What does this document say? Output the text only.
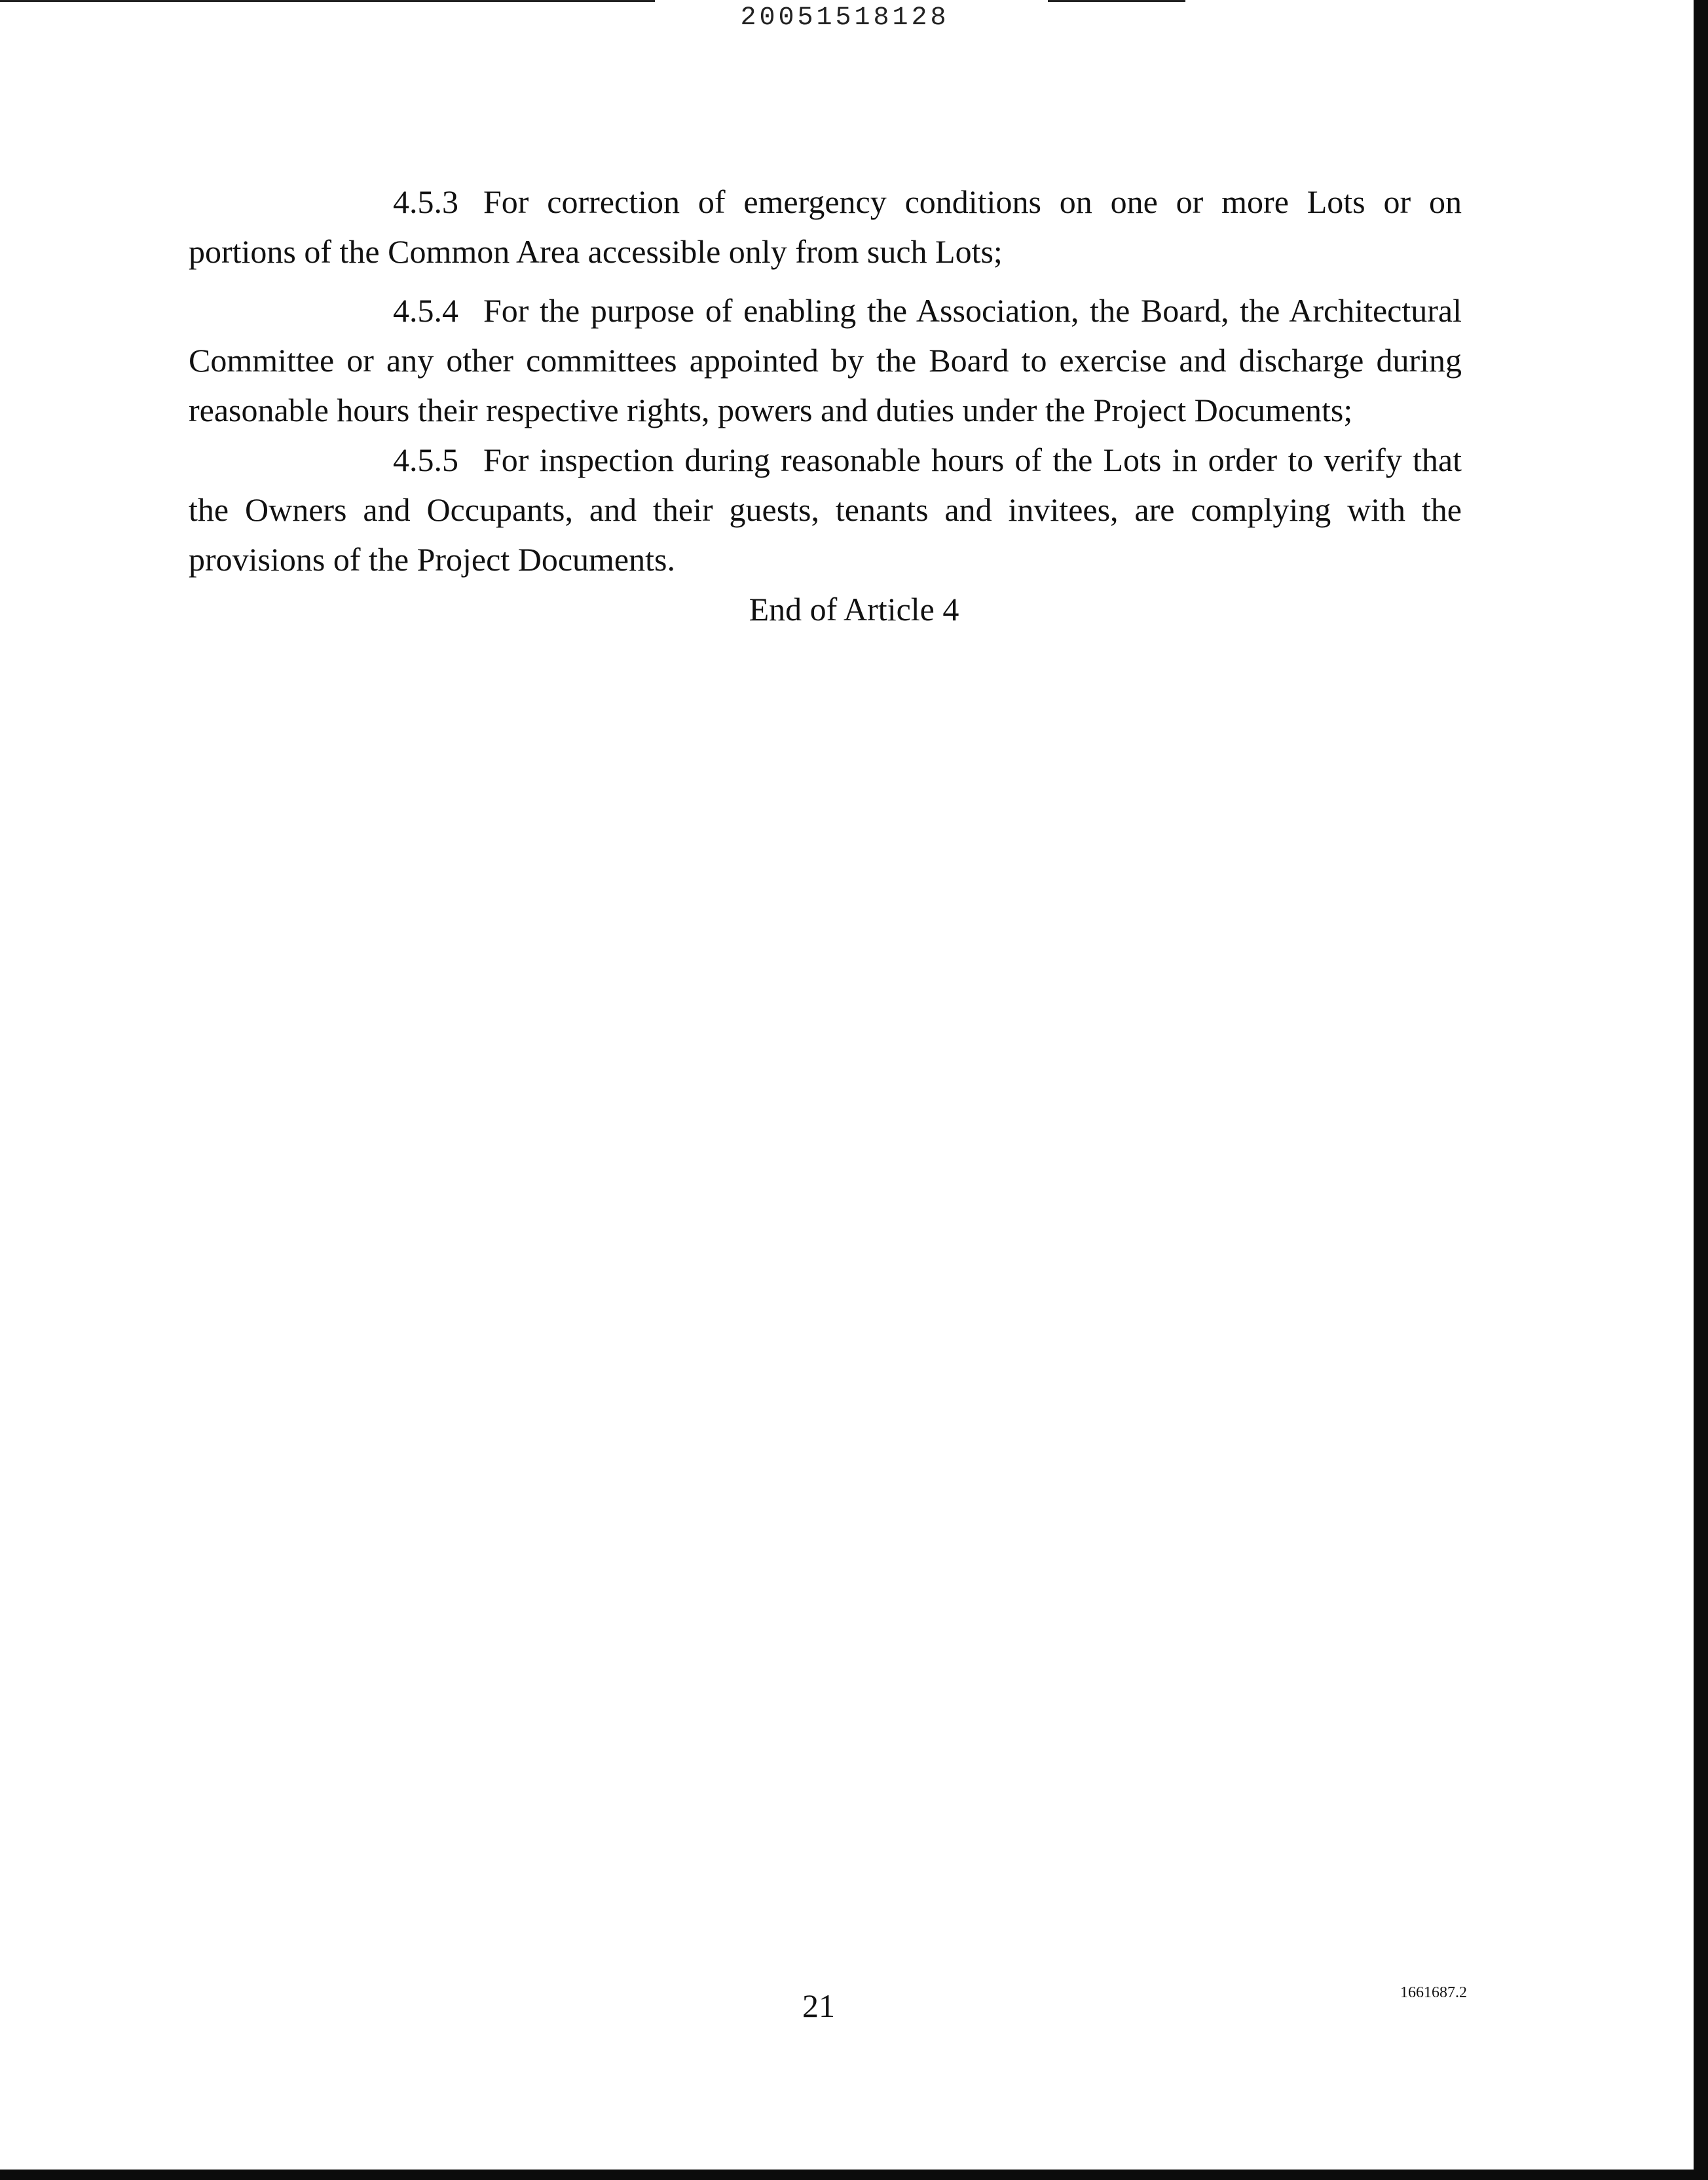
20051518128

4.5.3 For correction of emergency conditions on one or more Lots or on portions of the Common Area accessible only from such Lots;

4.5.4 For the purpose of enabling the Association, the Board, the Architectural Committee or any other committees appointed by the Board to exercise and discharge during reasonable hours their respective rights, powers and duties under the Project Documents;

4.5.5 For inspection during reasonable hours of the Lots in order to verify that the Owners and Occupants, and their guests, tenants and invitees, are complying with the provisions of the Project Documents.

End of Article 4

21	1661687.2
